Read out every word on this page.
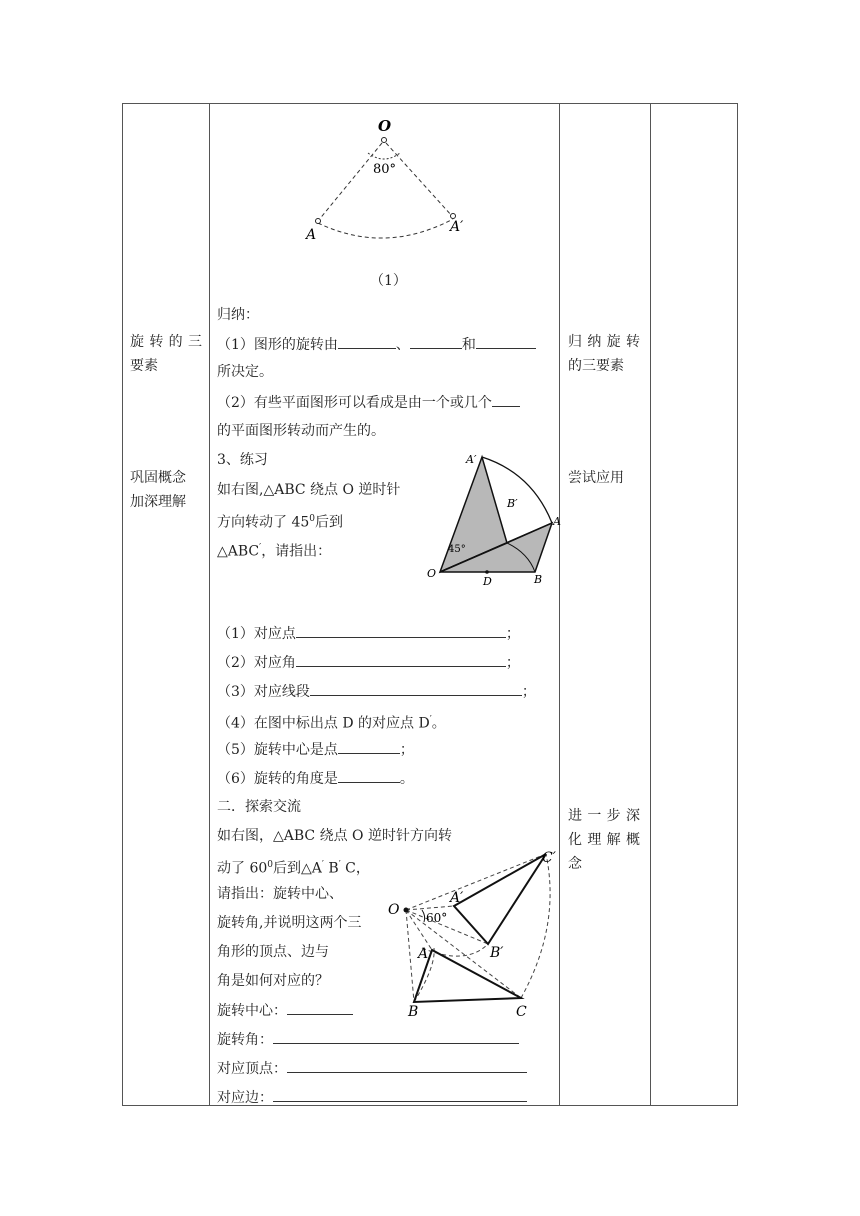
旋 转 的 三
要素
巩固概念
加深理解
归 纳 旋 转
的三要素
尝试应用
进 一 步 深
化 理 解 概
念
O
80°
A	A′
（1）
归纳：
（1）图形的旋转由	、	和
所决定。
（2）有些平面图形可以看成是由一个或几个
的平面图形转动而产生的。
3、练习
如右图,△ABC 绕点 O 逆时针
方向转动了 $45^0$后到
△ABC′，请指出：
A′
B′
A
45°
O
D	B
（1）对应点	；
（2）对应角	；
（3）对应线段	；
（4）在图中标出点 D 的对应点 D′。
（5）旋转中心是点	；
（6）旋转的角度是	。
二．探索交流
如右图，△ABC 绕点 O 逆时针方向转
动了 $60^0$后到△A′ B′ C，
请指出：旋转中心、
旋转角,并说明这两个三
角形的顶点、边与
角是如何对应的？
O 60°
A′
C′
B′
A
B	C
旋转中心：
旋转角：
对应顶点：
对应边：
